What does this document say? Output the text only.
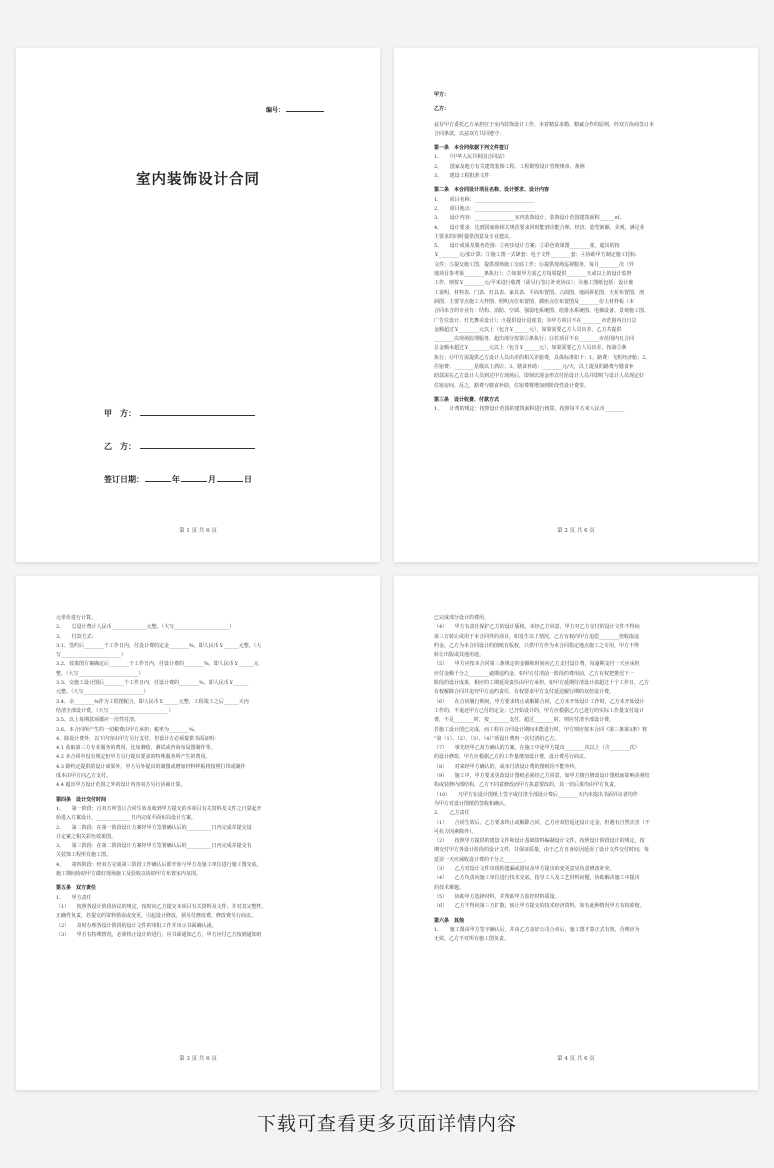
编号：
室内装饰设计合同
甲　方：
乙　方：
签订日期：	年	月	日
第 1 页 共 6 页

甲方：

乙方：

兹有甲方委托乙方承担位于室内装饰设计工作，本着精益求精、精诚合作的原则，经双方协商签订本

合同条款，以兹双方共同遵守：

第一条　本合同依据下列文件签订

1、　　《中华人民共和国合同法》

2、　　国家及地方有关建筑装饰工程、工程勘察设计管理规章、条例

3、　　建设工程批准文件

第二条　本合同设计项目名称、设计要求、设计内容

1、　　项目名称：________________________

2、　　项目地点：________________________

3、　　设计内容：________________室内装饰设计，装饰设计范围建筑面积______㎡。

4、　　设计要求：达到国家和相关规范要求同时能到功能合理、经济、造型新颖、美观，满足业

主要求的同时提供创意及专业建议。

5、　　设计成果及服务范围：①初步设计方案；②彩色效果图________张，超出的按

￥________元/张计算；③施工图一式肆套：电子文件________套；④协助甲方制定施工招标

文件；⑤提交施工图，提供现场施工交底工作；⑥提供现场巡视服务，每月________次（异

地项目参考第________条执行）；⑦如果甲方需乙方每周提供________天或以上的设计监督

工作，则按￥________元/平米进行收费（需另行签订补充协议）；⑧施工图纸包括：设计施

工说明、材料表、门表、灯具表、家具表、平面布置图、立面图、地面拼花图、天花布置图、剖

面图、主要节点施工大样图、照明点位布置图、插座点位布置图及________份主材样板（本

合同未含的专业有：结构、消防、空调、强弱电系统图、给排水系统图、电梯设备、景观施工图、

广告位设计、灯光舞美设计）；⑨提供设计进度表；⑩甲方项目不在________市范围内自日总

金额超过￥________元以上（包含￥______元），如果需要乙方人员出差，乙方共提供

________次现场监理服务，超出部分按第⑤条执行；⑪若项目不在________市范围内且合同

总金额未超过￥________元以上（包含￥______元），如果需要乙方人员出差，按第⑤条

执行；⑫甲方需提供乙方设计人员出差的相关差旅费，具体标准如下：1、路费：飞机经济舱；2、

住宿费：________星级以上酒店；3、膳食补助：________元/天，以上提及的路费与膳食补

助款需在乙方设计人员到达甲方现场后，即刻以现金形式付给设计人员并即时与设计人员现定好

住宿房间，反之，路费与膳食补助，住宿费将增加到阶段性设计费里。

第三条　设计收费、付款方式

1、　　计费的规定：按照设计范围的建筑面积进行核算，按照每平方米人民币________

第 2 页 共 6 页

元单价进行计算。

2、　　总设计费计人民币______________元整。（大写______________________）

3、　　付款方式：

3.1、签约后________个工作日内，付设计费的定金________%，即人民币￥______元整。（大

写________________________）

3.2、效果图方案确定后________个工作日内，付设计费的________%，即人民币￥______元

整。（大写________________________）

3.3、交施工设计图后________个工作日内，付设计费的________%，即人民币￥______

元整。（大写________________________）

3.4、余________%作为工程图配合，即人民币￥______元整，工程竣工之后______天内

结清全部设计费。（大写________________________）

3.5、以上每期款项都应一次性付清。

3.6、本合同所产生的一切税费由甲方承担；税率为________%。

4、除设计费外，以下内容由甲方另行支付，但设计方必须提供书面证明：

4.1 获取第三方专业服务的费用，比如测绘、测试或咨询布局图制作等。

4.2 本合同中没有规定但甲方另行提出要求的特殊服务所产生的费用。

4.3 除约定提供的设计成果外，甲方另外提出的制图或增加材料样板将按照打印或制作

成本由甲方向乙方支付。

4.4 超出甲方设计范围之外的设计内容双方另行协商计算。

第四条　设计交付时间

1、　　第一阶段：自双方所签订合同生效及收到甲方提交的本项目有关资料及文件之日算起开

始进入方案设计，______________日内完成平面布局设计方案。

2、　　第二阶段：在第一阶段设计方案经甲方签署确认后的__________日内完成并提交设

计定案之相关彩色效果图。

3、　　第三阶段：在第二阶段设计方案经甲方签署确认后的__________日内完成并提交有

关装饰工程所有施工图。

4、　　第四阶段：经双方完成第三阶段工作确认后即开始与甲方及施工单位进行施工图交底，

施工期间协助甲方做好现场施工及验收以协助甲方布置室内氛围。

第五条　双方责任

1、　　甲方责任

（1）　　按照各设计阶段协议的规定，按时向乙方提交本项目有关资料及文件，并对其完整性、

正确性负责，若提交的资料错误或变更，引起设计修改，须另付修改费，修改费另行商议。

（2）　　及时办理各设计阶段的设计文件的审批工作并出示书面确认函。

（3）　　甲方有特殊情况，必须终止设计的进行，应书面通知乙方，甲方应付乙方按到通知时

第 3 页 共 6 页

已完成部分设计的费用。

（4）　　甲方有责任保护乙方的设计版权，未经乙方同意，甲方对乙方交付的设计文件不得向

第三方转让或用于本合同外的项目，如发生以上情况，乙方有权向甲方追偿________倍收取违

约金，乙方为本合同设计的图纸有版权，只供甲方作为本合同指定地点施工之专用，甲方不得

转让出版或其他用途。

（5）　　甲方应按本合同第三条规定的金额和时间向乙方支付设计费，每逾期支付一天应承担

应付金额千分之________逾期违约金，如甲方付清前一阶段的费用前，乙方有权把推迟下一

阶段的设计成果，相应的工期延误责任由甲方承担，如甲方延期付清设计款超过十个工作日，乙方

有权解除合同并追究甲方违约责任，有权要求甲方支付延迟履行期的双倍设计费。

（6）　　在合同履行期间，甲方要求终止或解除合同，乙方未开始设计工作时，乙方未开始设计

工作的，不退还甲方已付的定金；已开始设计的，甲方应根据乙方已进行的实际工作量支付设计

费，不足________时，按________支付，超过________时，则应付清全部设计费，

若施工设计图已完成，而工程在合同设计期间未能进行时，甲方则应按本合同《第三条第3条》将

“第（1）、（2）、（3）、（4）”项设计费再一次付清给乙方。

（7）　　事先经甲乙双方确认的方案，在施工中途甲方提出________次以上（含________次）

的设计修改，甲方应根据乙方的工作量增加设计费，设计费另行商议。

（8）　　对来经甲方确认的，或未付清设计费的图纸均不能外传。

（9）　　施工中，甲方要求更改设计图纸必须经乙方同意，如甲方擅自修改设计图纸而影响美观结

构或装修内部结构，乙方不同意修改而甲方执意要改的，其一切后果均由甲方负责。

（10）　　凡甲方在设计图纸上签字或付清全部设计费后________天内未提出书面异议者均作

为甲方对设计图纸的签收和确认。

2、　　乙方责任

（1）　　合同生效后，乙方要求终止或解除合同，乙方应双倍返还设计定金，但遇有自然灾害（不

可抗力因素除外）。

（2）　　按照甲方提供的建设文件和设计基础资料编制设计文件，按照设计阶段设计的规定，按

期交付甲方各设计阶段的设计文件，并保证质量，由于乙方自身原因延误了设计文件交付时间，每

延误一天应减收设计费的千分之________。

（3）　　乙方对设计文件出现的遗漏或错误及甲方提出的变更意见负责修改补充。

（4）　　乙方负责向施工单位进行技术交底，指导工人及工艺材料问题，协助解决施工中提出

的技术难题。

（5）　　协助甲方选择材料，并帮助甲方监控材料质量。

（6）　　乙方不得向第三方扩散、转让甲方提交的技术经济资料，如有此种情况甲方有权索赔。

第六条　其他

1、　　施工图由甲方签字确认后，并由乙方盖好公司合章后，施工图才算正式有效，否则应为

无效，乙方不对所有施工图负责。

第 4 页 共 6 页
下载可查看更多页面详情内容
